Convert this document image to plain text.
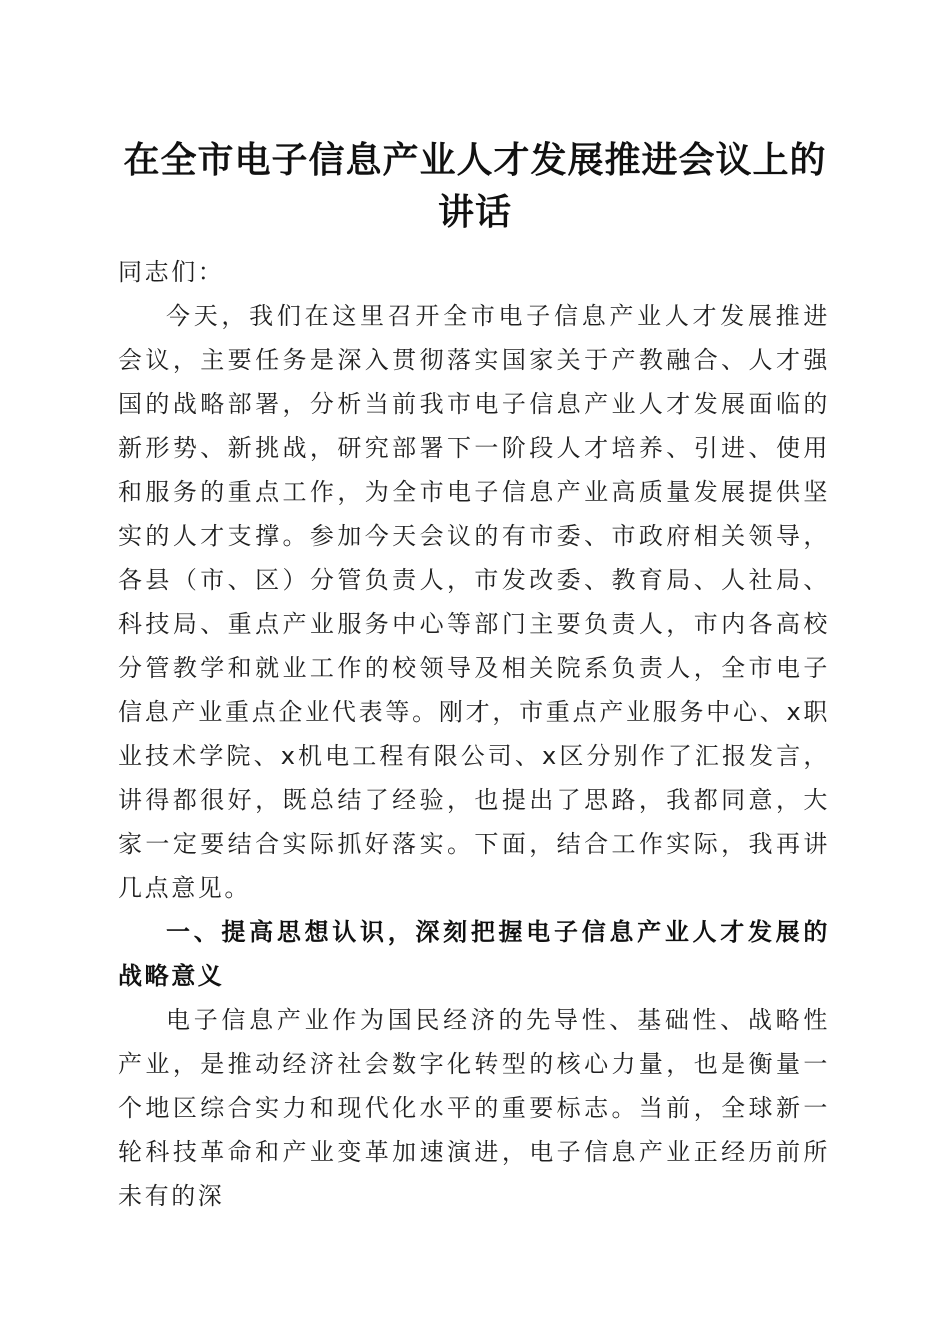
在全市电子信息产业人才发展推进会议上的讲话

同志们：

今天，我们在这里召开全市电子信息产业人才发展推进会议，主要任务是深入贯彻落实国家关于产教融合、人才强国的战略部署，分析当前我市电子信息产业人才发展面临的新形势、新挑战，研究部署下一阶段人才培养、引进、使用和服务的重点工作，为全市电子信息产业高质量发展提供坚实的人才支撑。参加今天会议的有市委、市政府相关领导，各县（市、区）分管负责人，市发改委、教育局、人社局、科技局、重点产业服务中心等部门主要负责人，市内各高校分管教学和就业工作的校领导及相关院系负责人，全市电子信息产业重点企业代表等。刚才，市重点产业服务中心、x职业技术学院、x机电工程有限公司、x区分别作了汇报发言，讲得都很好，既总结了经验，也提出了思路，我都同意，大家一定要结合实际抓好落实。下面，结合工作实际，我再讲几点意见。

一、提高思想认识，深刻把握电子信息产业人才发展的战略意义

电子信息产业作为国民经济的先导性、基础性、战略性产业，是推动经济社会数字化转型的核心力量，也是衡量一个地区综合实力和现代化水平的重要标志。当前，全球新一轮科技革命和产业变革加速演进，电子信息产业正经历前所未有的深
